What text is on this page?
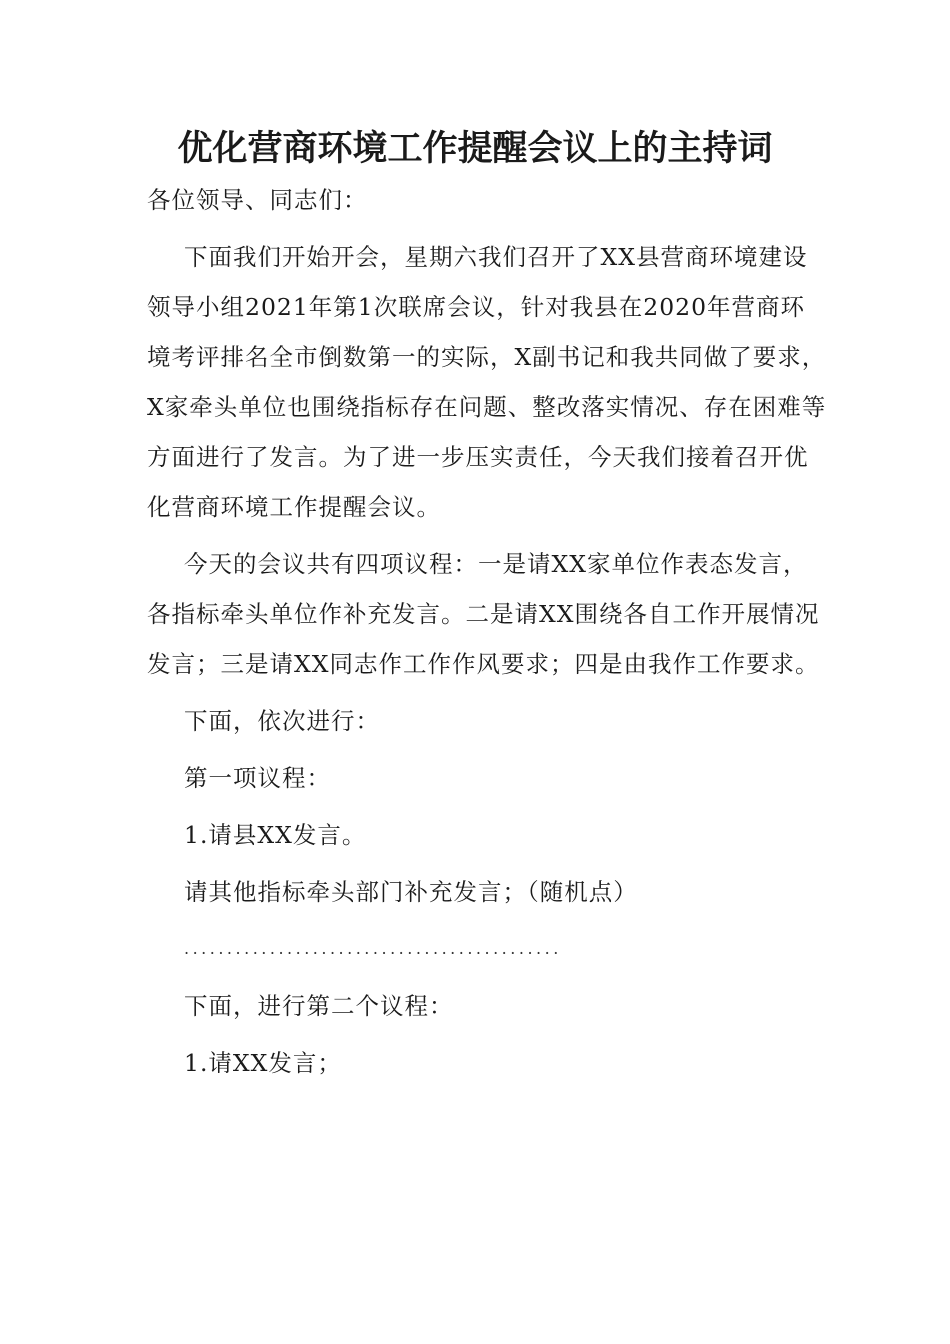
优化营商环境工作提醒会议上的主持词

各位领导、同志们：

下面我们开始开会，星期六我们召开了XX县营商环境建设领导小组2021年第1次联席会议，针对我县在2020年营商环境考评排名全市倒数第一的实际，X副书记和我共同做了要求，X家牵头单位也围绕指标存在问题、整改落实情况、存在困难等方面进行了发言。为了进一步压实责任，今天我们接着召开优化营商环境工作提醒会议。

今天的会议共有四项议程：一是请XX家单位作表态发言，各指标牵头单位作补充发言。二是请XX围绕各自工作开展情况发言；三是请XX同志作工作作风要求；四是由我作工作要求。

下面，依次进行：

第一项议程：

1.请县XX发言。

请其他指标牵头部门补充发言；（随机点）

............................................

下面，进行第二个议程：

1.请XX发言；
